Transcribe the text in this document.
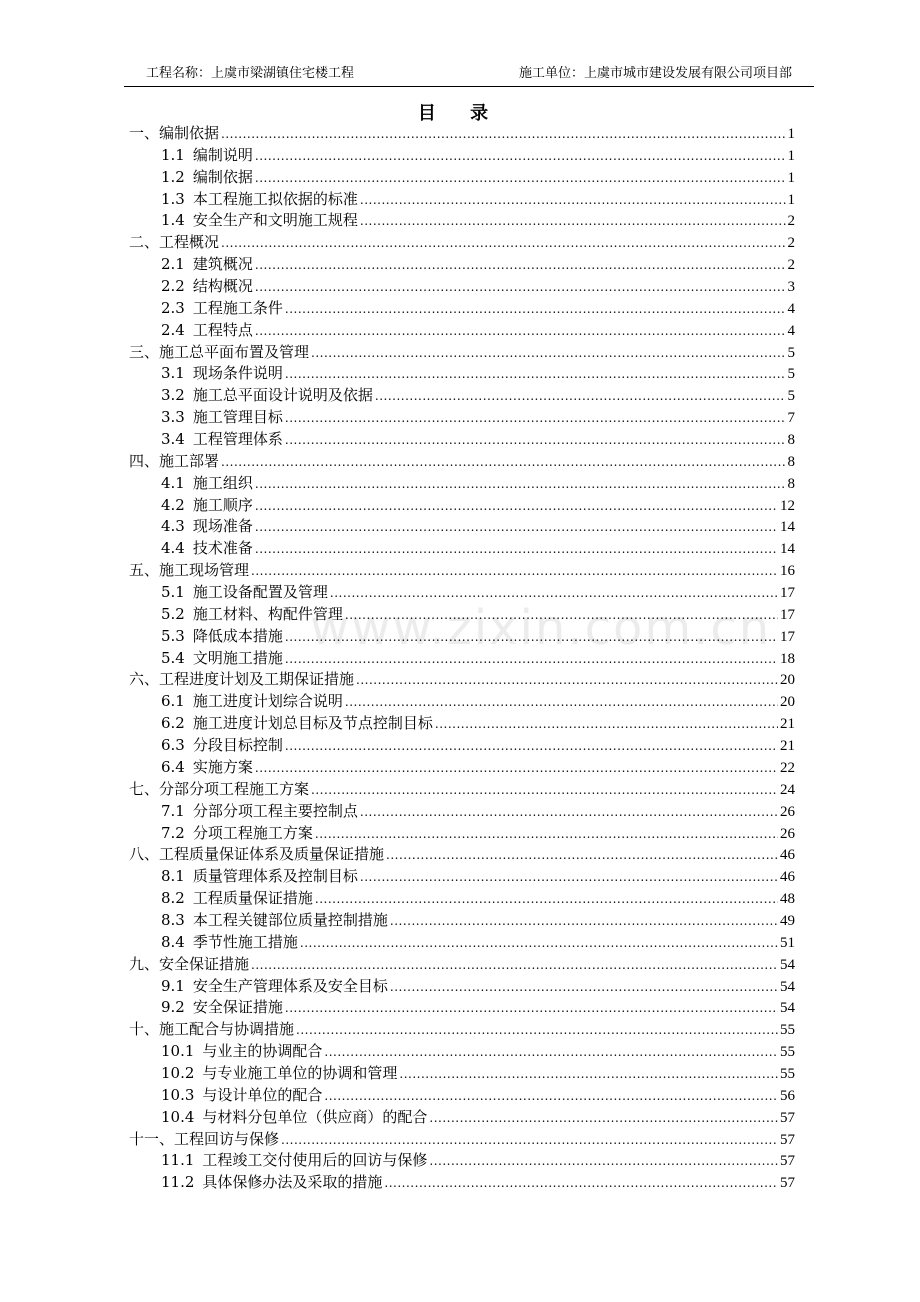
工程名称：上虞市梁湖镇住宅楼工程	施工单位：上虞市城市建设发展有限公司项目部
目 录
www.zixin.com.cn
一、编制依据 .....	1
1.1 编制说明 .....	1
1.2 编制依据 .....	1
1.3 本工程施工拟依据的标准 .....	1
1.4 安全生产和文明施工规程 .....	2
二、工程概况 .....	2
2.1 建筑概况 .....	2
2.2 结构概况 .....	3
2.3 工程施工条件 .....	4
2.4 工程特点 .....	4
三、施工总平面布置及管理 .....	5
3.1 现场条件说明 .....	5
3.2 施工总平面设计说明及依据 .....	5
3.3 施工管理目标 .....	7
3.4 工程管理体系 .....	8
四、施工部署 .....	8
4.1 施工组织 .....	8
4.2 施工顺序 .....	12
4.3 现场准备 .....	14
4.4 技术准备 .....	14
五、施工现场管理 .....	16
5.1 施工设备配置及管理 .....	17
5.2 施工材料、构配件管理 .....	17
5.3 降低成本措施 .....	17
5.4 文明施工措施 .....	18
六、工程进度计划及工期保证措施 .....	20
6.1 施工进度计划综合说明 .....	20
6.2 施工进度计划总目标及节点控制目标 .....	21
6.3 分段目标控制 .....	21
6.4 实施方案 .....	22
七、分部分项工程施工方案 .....	24
7.1 分部分项工程主要控制点 .....	26
7.2 分项工程施工方案 .....	26
八、工程质量保证体系及质量保证措施 .....	46
8.1 质量管理体系及控制目标 .....	46
8.2 工程质量保证措施 .....	48
8.3 本工程关键部位质量控制措施 .....	49
8.4 季节性施工措施 .....	51
九、安全保证措施 .....	54
9.1 安全生产管理体系及安全目标 .....	54
9.2 安全保证措施 .....	54
十、施工配合与协调措施 .....	55
10.1 与业主的协调配合 .....	55
10.2 与专业施工单位的协调和管理 .....	55
10.3 与设计单位的配合 .....	56
10.4 与材料分包单位（供应商）的配合 .....	57
十一、工程回访与保修 .....	57
11.1 工程竣工交付使用后的回访与保修 .....	57
11.2 具体保修办法及采取的措施 .....	57
